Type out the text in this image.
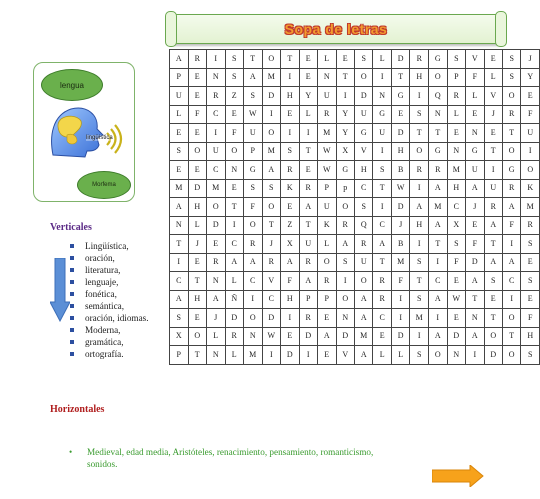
Sopa de letras
lengua
lingüística
Morfema
A	R	I	S	T	O	T	E	L	E	S	L	D	R	G	S	V	E	S	J
P	E	N	S	A	M	I	E	N	T	O	I	T	H	O	P	F	L	S	Y
U	E	R	Z	S	D	H	Y	U	I	D	N	G	I	Q	R	L	V	O	E
L	F	C	E	W	I	E	L	R	Y	U	G	E	S	N	L	E	J	R	F
E	E	I	F	U	O	I	I	M	Y	G	U	D	T	T	E	N	E	T	U
S	O	U	O	P	M	S	T	W	X	V	I	H	O	G	N	G	T	O	I
E	E	C	N	G	A	R	E	W	G	H	S	B	R	R	M	U	I	G	O
M	D	M	E	S	S	K	R	P	p	C	T	W	I	A	H	A	U	R	K
A	H	O	T	F	O	E	A	U	O	S	I	D	A	M	C	J	R	A	M
N	L	D	I	O	T	Z	T	K	R	Q	C	J	H	A	X	E	A	F	R
T	J	E	C	R	J	X	U	L	A	R	A	B	I	T	S	F	T	I	S
I	E	R	A	A	R	A	R	O	S	U	T	M	S	I	F	D	A	A	E
C	T	N	L	C	V	F	A	R	I	O	R	F	T	C	E	A	S	C	S
A	H	A	Ñ	I	C	H	P	P	O	A	R	I	S	A	W	T	E	I	E
S	E	J	D	O	D	I	R	E	N	A	C	I	M	I	E	N	T	O	F
X	O	L	R	N	W	E	D	A	D	M	E	D	I	A	D	A	O	T	H
P	T	N	L	M	I	D	I	E	V	A	L	L	S	O	N	I	D	O	S
Verticales
Lingüística,
oración,
literatura,
lenguaje,
fonética,
semántica,
oración, idiomas.
Moderna,
gramática,
ortografía.
Horizontales
• Medieval, edad media, Aristóteles, renacimiento, pensamiento, romanticismo,
sonidos.
